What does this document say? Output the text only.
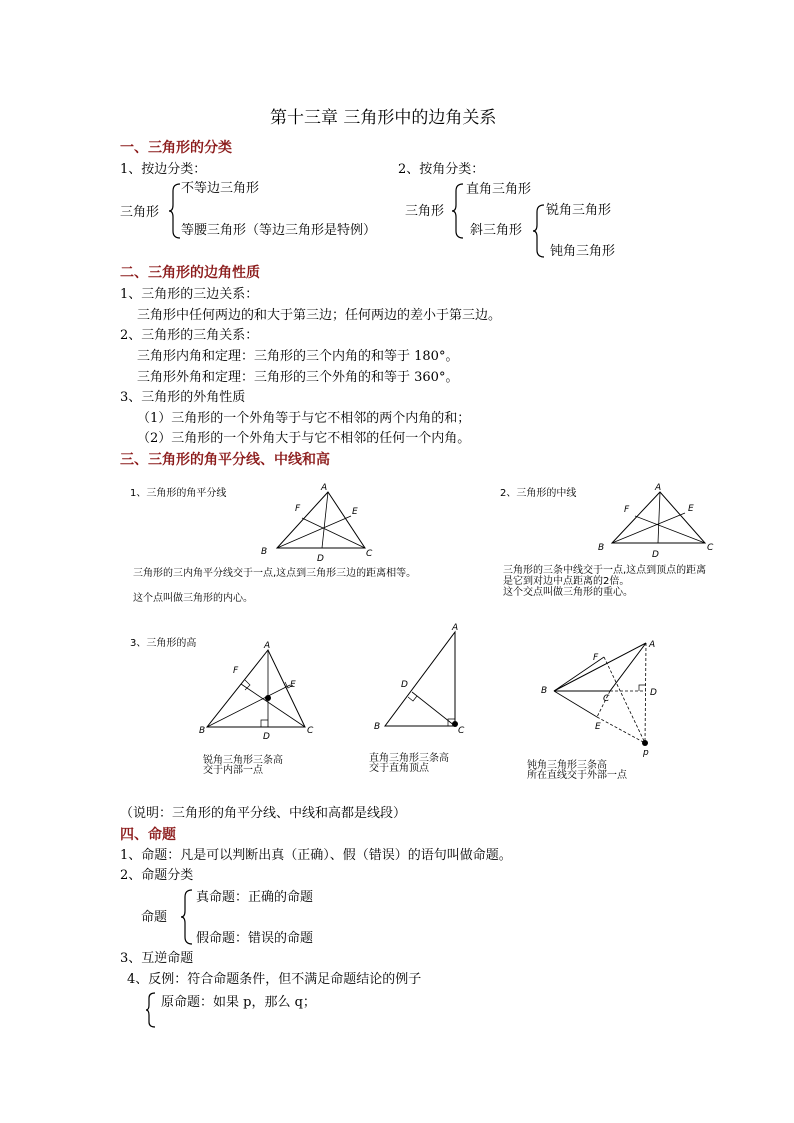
第十三章 三角形中的边角关系
一、三角形的分类
1、按边分类：
三角形
不等边三角形
等腰三角形（等边三角形是特例）
2、按角分类：
三角形
直角三角形
斜三角形
锐角三角形
钝角三角形
二、三角形的边角性质
1、三角形的三边关系：
三角形中任何两边的和大于第三边；任何两边的差小于第三边。
2、三角形的三角关系：
三角形内角和定理：三角形的三个内角的和等于 180°。
三角形外角和定理：三角形的三个外角的和等于 360°。
3、三角形的外角性质
（1）三角形的一个外角等于与它不相邻的两个内角的和；
（2）三角形的一个外角大于与它不相邻的任何一个内角。
三、三角形的角平分线、中线和高
1、三角形的角平分线	A
B	C
D
E
F
三角形的三内角平分线交于一点,这点到三角形三边的距离相等。
这个点叫做三角形的内心。
2、三角形的中线	A
B	C
D
E
F
三角形的三条中线交于一点,这点到顶点的距离
是它到对边中点距离的2倍。
这个交点叫做三角形的重心。
3、三角形的高	A
B	C
D
E
F
锐角三角形三条高
交于内部一点
A
B	C
D
直角三角形三条高
交于直角顶点
A
B
C
D
E
F
p
钝角三角形三条高
所在直线交于外部一点
（说明：三角形的角平分线、中线和高都是线段）
四、命题
1、命题：凡是可以判断出真（正确）、假（错误）的语句叫做命题。
2、命题分类
命题
真命题：正确的命题
假命题：错误的命题
3、互逆命题
4、反例：符合命题条件，但不满足命题结论的例子
原命题：如果 p，那么 q；
